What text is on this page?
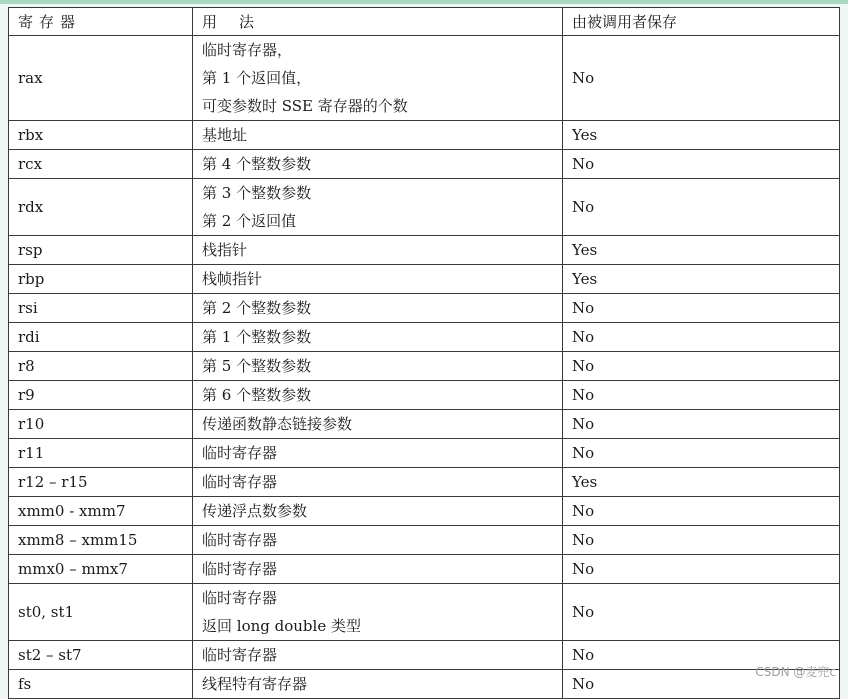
寄存器	用 法	由被调用者保存
rax	临时寄存器，
第 1 个返回值，
可变参数时 SSE 寄存器的个数	No
rbx	基地址	Yes
rcx	第 4 个整数参数	No
rdx	第 3 个整数参数
第 2 个返回值	No
rsp	栈指针	Yes
rbp	栈帧指针	Yes
rsi	第 2 个整数参数	No
rdi	第 1 个整数参数	No
r8	第 5 个整数参数	No
r9	第 6 个整数参数	No
r10	传递函数静态链接参数	No
r11	临时寄存器	No
r12 – r15	临时寄存器	Yes
xmm0 - xmm7	传递浮点数参数	No
xmm8 – xmm15	临时寄存器	No
mmx0 – mmx7	临时寄存器	No
st0, st1	临时寄存器
返回 long double 类型	No
st2 – st7	临时寄存器	No
fs	线程特有寄存器	No
CSDN @麦兜c
